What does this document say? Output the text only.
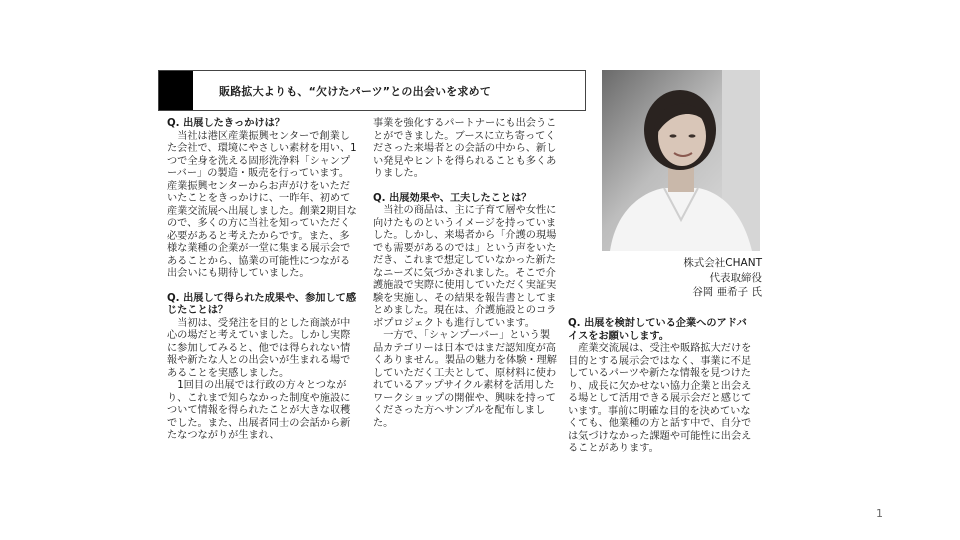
販路拡大よりも、“欠けたパーツ”との出会いを求めて
Q. 出展したきっかけは？
　当社は港区産業振興センターで創業した会社で、環境にやさしい素材を用い、1つで全身を洗える固形洗浄料「シャンプーバー」の製造・販売を行っています。
産業振興センターからお声がけをいただいたことをきっかけに、一昨年、初めて産業交流展へ出展しました。創業2期目なので、多くの方に当社を知っていただく必要があると考えたからです。また、多様な業種の企業が一堂に集まる展示会であることから、協業の可能性につながる出会いにも期待していました。
Q. 出展して得られた成果や、参加して感じたことは？
　当初は、受発注を目的とした商談が中心の場だと考えていました。しかし実際に参加してみると、他では得られない情報や新たな人との出会いが生まれる場であることを実感しました。
　1回目の出展では行政の方々とつながり、これまで知らなかった制度や施設について情報を得られたことが大きな収穫でした。また、出展者同士の会話から新たなつながりが生まれ、
事業を強化するパートナーにも出会うことができました。ブースに立ち寄ってくださった来場者との会話の中から、新しい発見やヒントを得られることも多くありました。
Q. 出展効果や、工夫したことは？
　当社の商品は、主に子育て層や女性に向けたものというイメージを持っていました。しかし、来場者から「介護の現場でも需要があるのでは」という声をいただき、これまで想定していなかった新たなニーズに気づかされました。そこで介護施設で実際に使用していただく実証実験を実施し、その結果を報告書としてまとめました。現在は、介護施設とのコラボプロジェクトも進行しています。
　一方で、「シャンプーバー」という製品カテゴリーは日本ではまだ認知度が高くありません。製品の魅力を体験・理解していただく工夫として、原材料に使われているアップサイクル素材を活用したワークショップの開催や、興味を持ってくださった方へサンプルを配布しました。
株式会社CHANT
代表取締役
谷岡 亜希子 氏
Q. 出展を検討している企業へのアドバイスをお願いします。
　産業交流展は、受注や販路拡大だけを目的とする展示会ではなく、事業に不足しているパーツや新たな情報を見つけたり、成長に欠かせない協力企業と出会える場として活用できる展示会だと感じています。事前に明確な目的を決めていなくても、他業種の方と話す中で、自分では気づけなかった課題や可能性に出会えることがあります。
1
